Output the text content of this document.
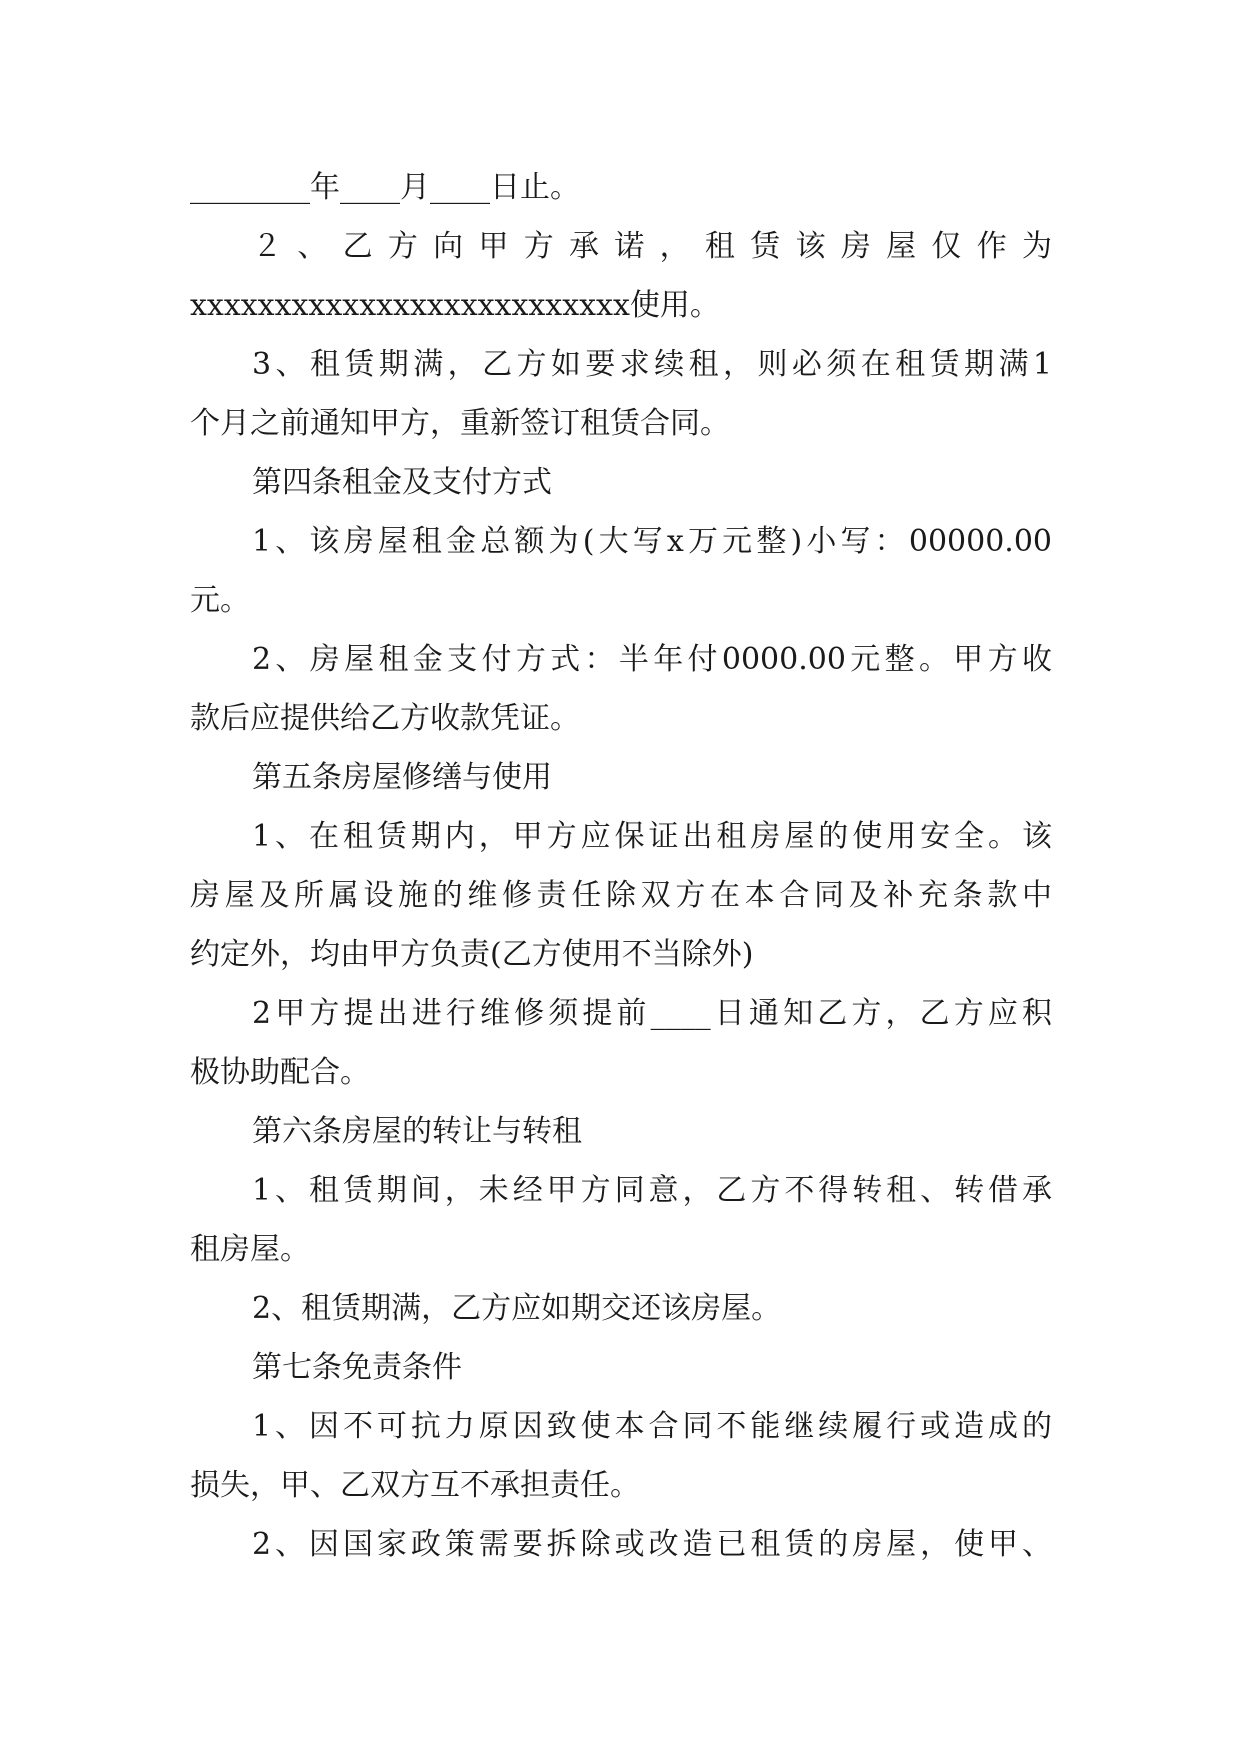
________年____月____日止。
２ 、 乙 方 向 甲 方 承 诺 ， 租 赁 该 房 屋 仅 作 为
xxxxxxxxxxxxxxxxxxxxxxxxxx使用。
3、租赁期满，乙方如要求续租，则必须在租赁期满1
个月之前通知甲方，重新签订租赁合同。
第四条租金及支付方式
1、该房屋租金总额为(大写x万元整)小写：00000.00
元。
2、房屋租金支付方式：半年付0000.00元整。甲方收
款后应提供给乙方收款凭证。
第五条房屋修缮与使用
1、在租赁期内，甲方应保证出租房屋的使用安全。该
房屋及所属设施的维修责任除双方在本合同及补充条款中
约定外，均由甲方负责(乙方使用不当除外)
2甲方提出进行维修须提前____日通知乙方，乙方应积
极协助配合。
第六条房屋的转让与转租
1、租赁期间，未经甲方同意，乙方不得转租、转借承
租房屋。
2、租赁期满，乙方应如期交还该房屋。
第七条免责条件
1、因不可抗力原因致使本合同不能继续履行或造成的
损失，甲、乙双方互不承担责任。
2、因国家政策需要拆除或改造已租赁的房屋，使甲、
